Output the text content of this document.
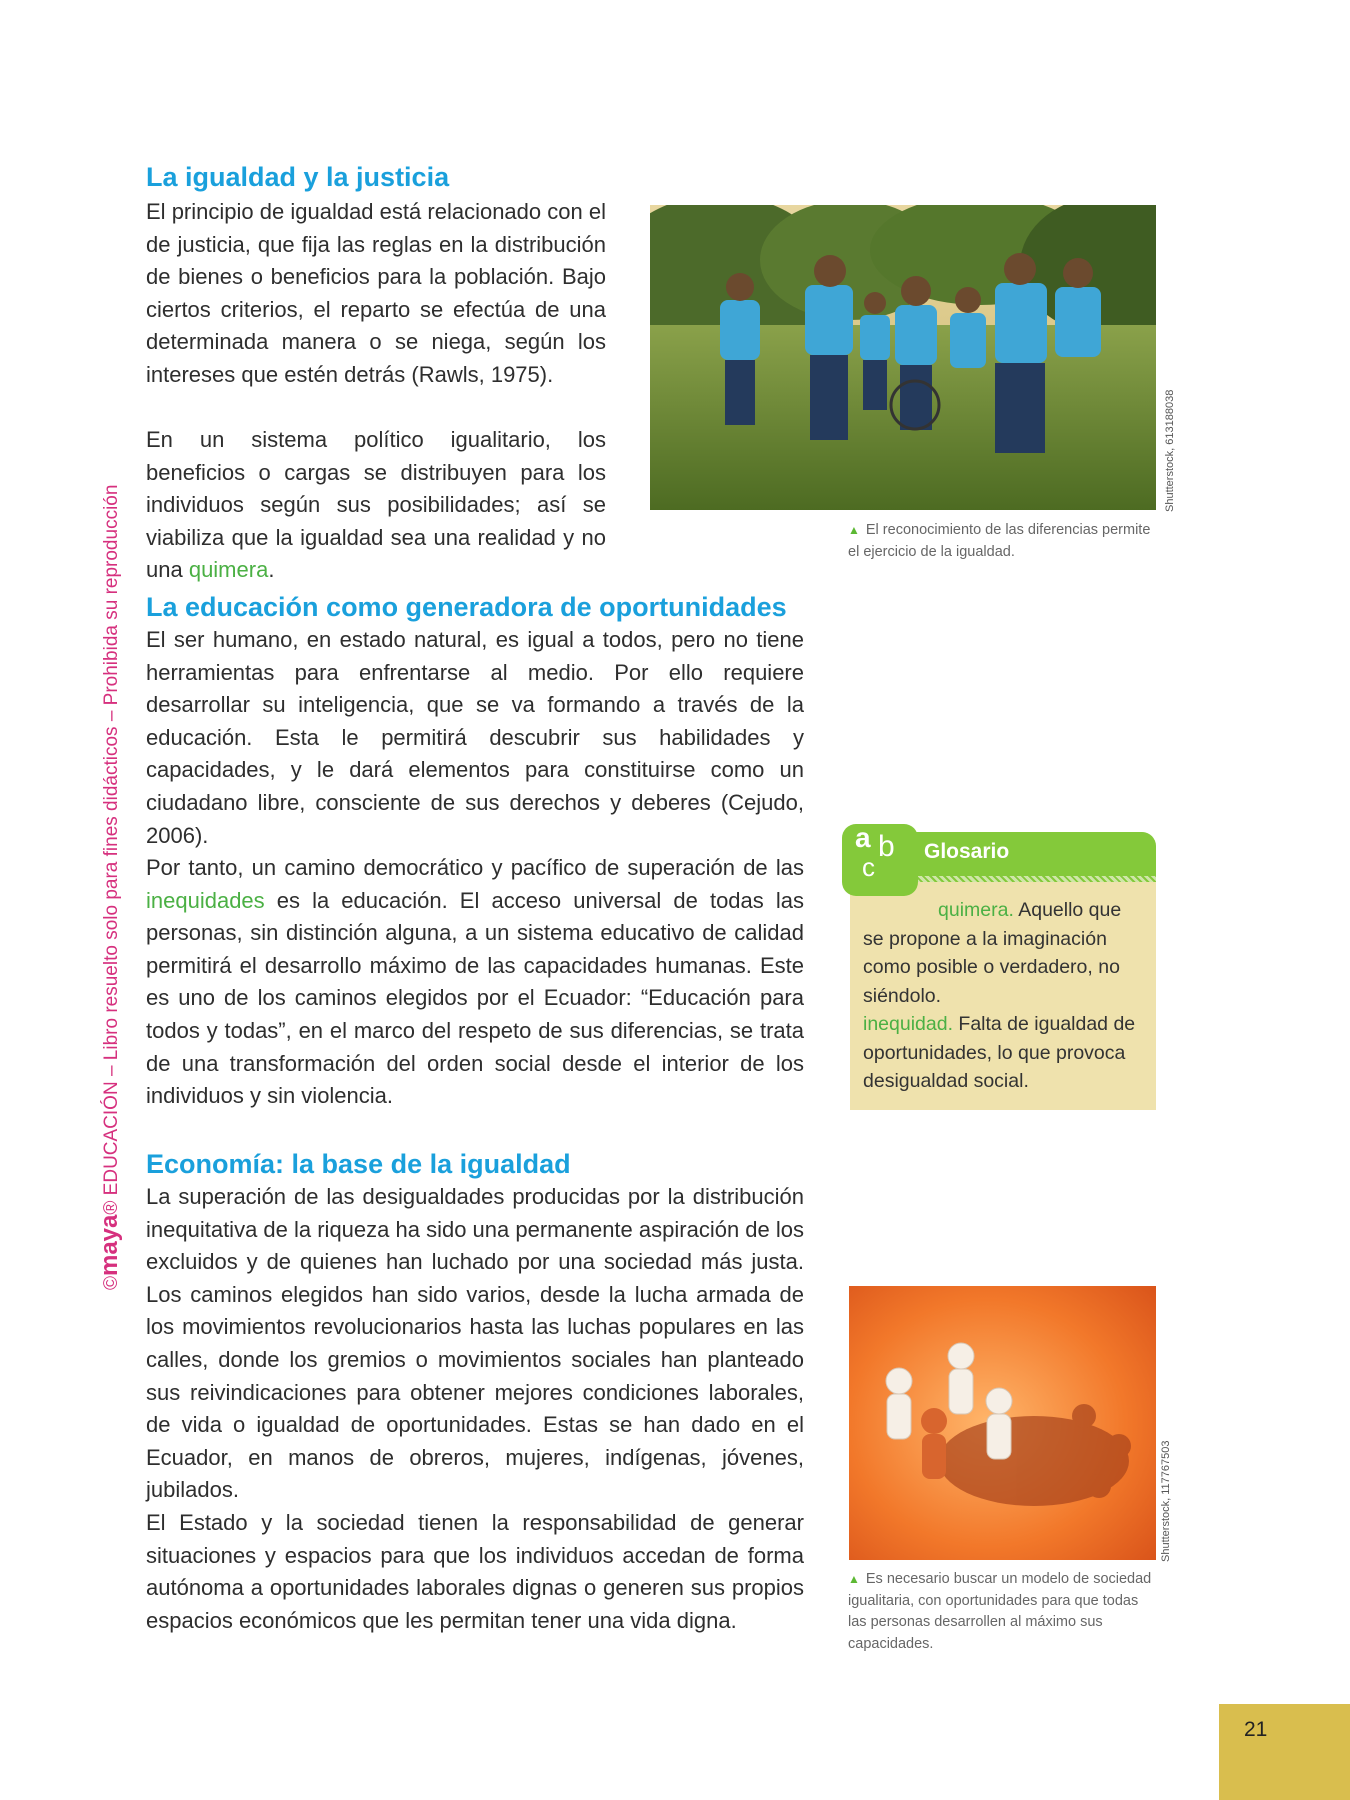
©maya® EDUCACIÓN – Libro resuelto solo para fines didácticos – Prohibida su reproducción
La igualdad y la justicia

El principio de igualdad está relacionado con el de justicia, que fija las reglas en la distribución de bienes o beneficios para la población. Bajo ciertos criterios, el reparto se efectúa de una determinada manera o se niega, según los intereses que estén detrás (Rawls, 1975).

En un sistema político igualitario, los beneficios o cargas se distribuyen para los individuos según sus posibilidades; así se viabiliza que la igualdad sea una realidad y no una quimera.

Shutterstock, 613188038

▲ El reconocimiento de las diferencias permite el ejercicio de la igualdad.

La educación como generadora de oportunidades

El ser humano, en estado natural, es igual a todos, pero no tiene herramientas para enfrentarse al medio. Por ello requiere desarrollar su inteligencia, que se va formando a través de la educación. Esta le permitirá descubrir sus habilidades y capacidades, y le dará elementos para constituirse como un ciudadano libre, consciente de sus derechos y deberes (Cejudo, 2006).

Por tanto, un camino democrático y pacífico de superación de las inequidades es la educación. El acceso universal de todas las personas, sin distinción alguna, a un sistema educativo de calidad permitirá el desarrollo máximo de las capacidades humanas. Este es uno de los caminos elegidos por el Ecuador: “Educación para todos y todas”, en el marco del respeto de sus diferencias, se trata de una transformación del orden social desde el interior de los individuos y sin violencia.

a b
c
Glosario
quimera. Aquello que se propone a la imaginación como posible o verdadero, no siéndolo.
inequidad. Falta de igualdad de oportunidades, lo que provoca desigualdad social.
Economía: la base de la igualdad

La superación de las desigualdades producidas por la distribución inequitativa de la riqueza ha sido una permanente aspiración de los excluidos y de quienes han luchado por una sociedad más justa. Los caminos elegidos han sido varios, desde la lucha armada de los movimientos revolucionarios hasta las luchas populares en las calles, donde los gremios o movimientos sociales han planteado sus reivindicaciones para obtener mejores condiciones laborales, de vida o igualdad de oportunidades. Estas se han dado en el Ecuador, en manos de obreros, mujeres, indígenas, jóvenes, jubilados.

El Estado y la sociedad tienen la responsabilidad de generar situaciones y espacios para que los individuos accedan de forma autónoma a oportunidades laborales dignas o generen sus propios espacios económicos que les permitan tener una vida digna.

Shutterstock, 117767503

▲ Es necesario buscar un modelo de sociedad igualitaria, con oportunidades para que todas las personas desarrollen al máximo sus capacidades.

21
